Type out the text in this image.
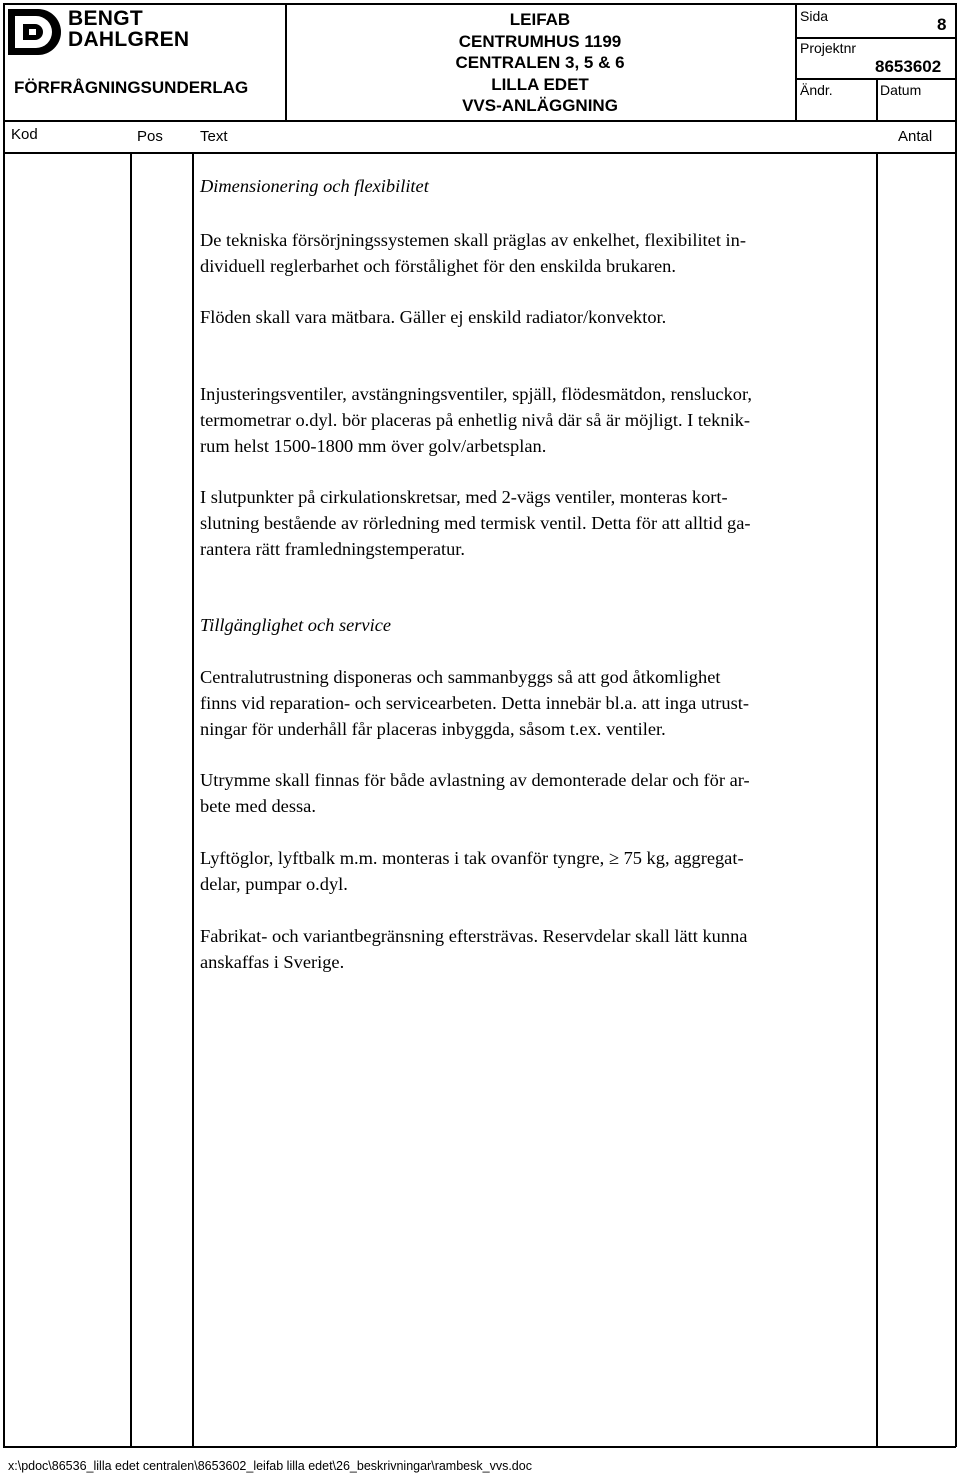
BENGT
DAHLGREN
FÖRFRÅGNINGSUNDERLAG
LEIFAB
CENTRUMHUS 1199
CENTRALEN 3, 5 & 6
LILLA EDET
VVS-ANLÄGGNING
Sida	8
Projektnr
8653602
Ändr.	Datum
Kod	Pos Text	Antal

Dimensionering och flexibilitet

De tekniska försörjningssystemen skall präglas av enkelhet, flexibilitet in-

dividuell reglerbarhet och förstålighet för den enskilda brukaren.

Flöden skall vara mätbara. Gäller ej enskild radiator/konvektor.

Injusteringsventiler, avstängningsventiler, spjäll, flödesmätdon, rensluckor,

termometrar o.dyl. bör placeras på enhetlig nivå där så är möjligt. I teknik-

rum helst 1500-1800 mm över golv/arbetsplan.

I slutpunkter på cirkulationskretsar, med 2-vägs ventiler, monteras kort-

slutning bestående av rörledning med termisk ventil. Detta för att alltid ga-

rantera rätt framledningstemperatur.

Tillgänglighet och service

Centralutrustning disponeras och sammanbyggs så att god åtkomlighet

finns vid reparation- och servicearbeten. Detta innebär bl.a. att inga utrust-

ningar för underhåll får placeras inbyggda, såsom t.ex. ventiler.

Utrymme skall finnas för både avlastning av demonterade delar och för ar-

bete med dessa.

Lyftöglor, lyftbalk m.m. monteras i tak ovanför tyngre, ≥ 75 kg, aggregat-

delar, pumpar o.dyl.

Fabrikat- och variantbegränsning eftersträvas. Reservdelar skall lätt kunna

anskaffas i Sverige.

x:\pdoc\86536_lilla edet centralen\8653602_leifab lilla edet\26_beskrivningar\rambesk_vvs.doc
